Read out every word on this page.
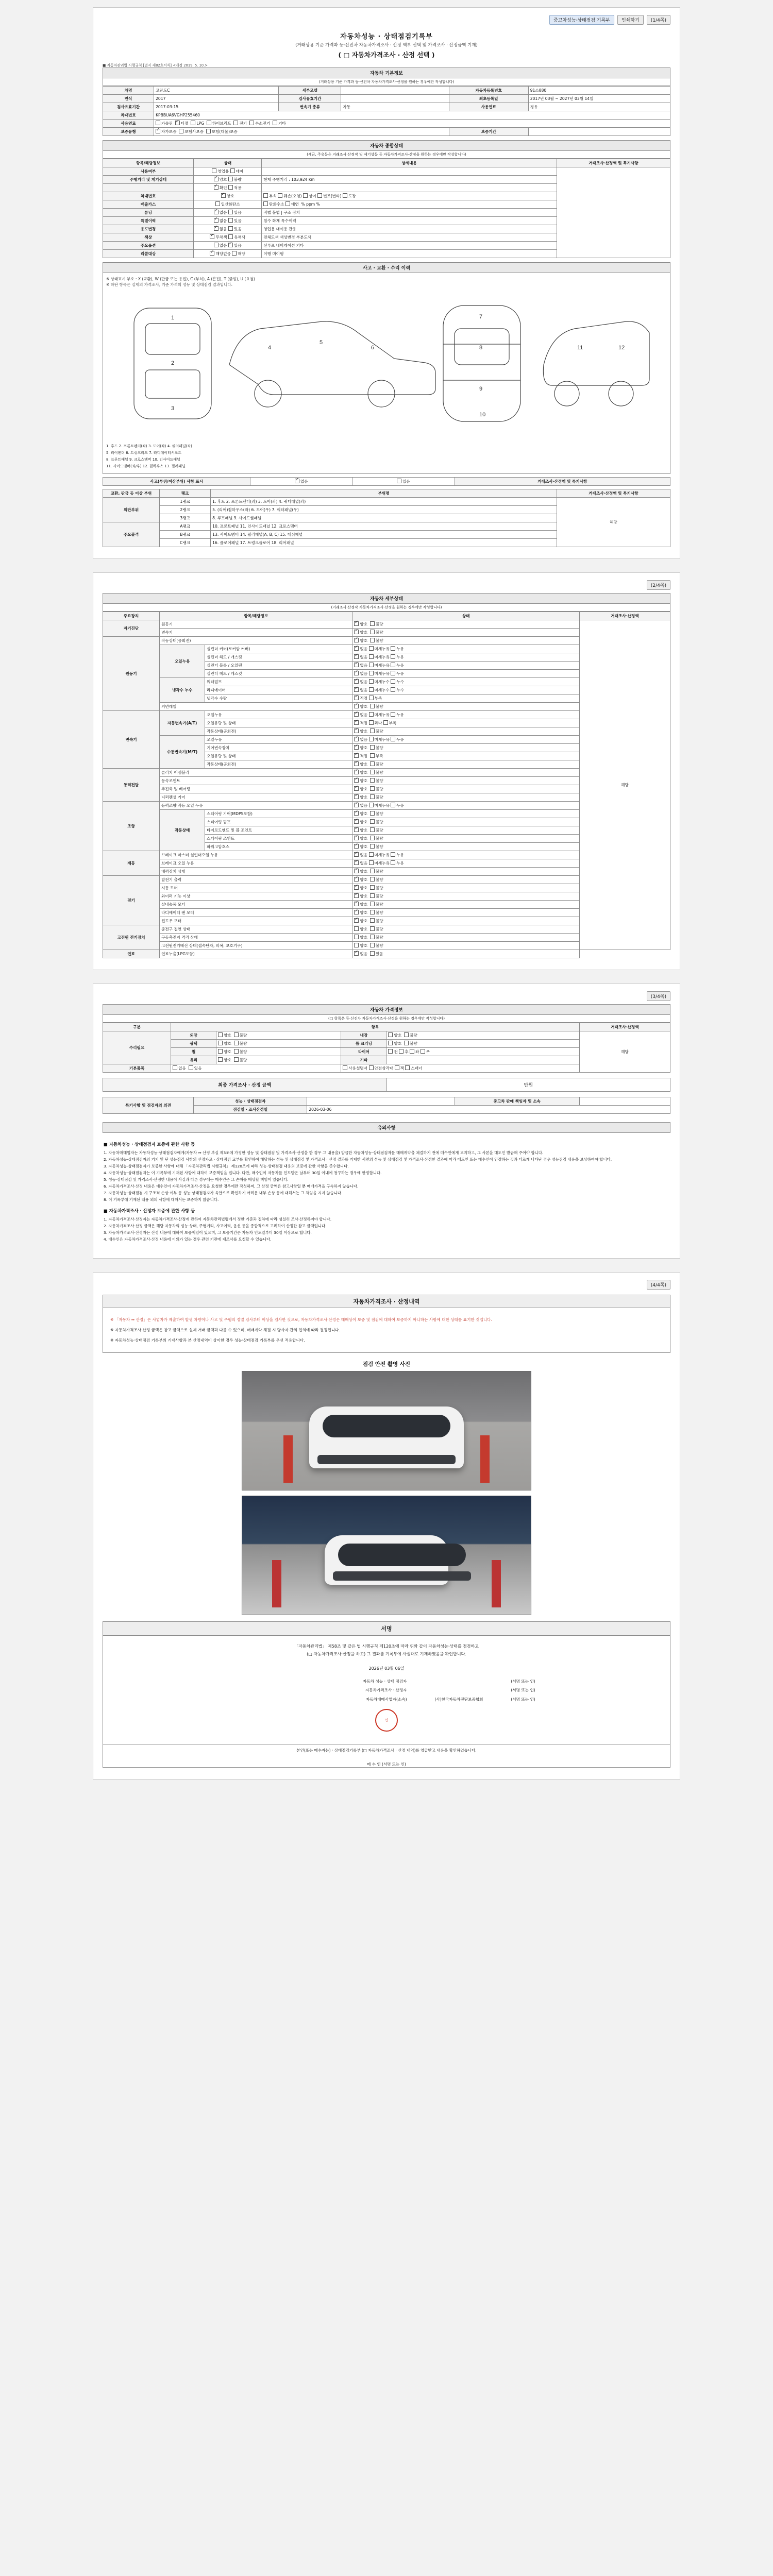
중고차성능·상태점검 기록부	인쇄하기	(1/4쪽)
자동차성능 · 상태점검기록부
(거래상용 기준 가격과 등·신진차 자동차가격조사 · 산정 액부 선택 및 가격조사 · 산정금액 기재)
( □ 자동차가격조사 · 산정 선택 )
■ 자동차관리법 시행규칙 [별지 제82호서식] <개정 2019. 5. 10.>
자동차 기본정보
(거래상용 기준 가격과 등·신진차 자동차가격조사·산정을 원하는 경우에만 작성합니다)
차명	코란도C	세부모델		자동차등록번호	91소880
연식	2017	검사유효기간		최초등록일	2017년 03월 ~ 2027년 03월 14일
검사유효기간	2017-03-15	변속기 종류	자동	사용연료	경유
차대번호	KPBBUA6VGHP255460				
사용연료	가솔린 ✓ 디젤 LPG 하이브리드 전기 수소전기 기타
보증유형	✓자가보증 보험사보증 보험(대물)보증			보증기간	
자동차 종합상태
(세금, 주유등은 거래조사·산정작 및 제기상등 등 자동차가격조사·산정을 원하는 경우에만 작성합니다)
항목/해당정보	상태	상세내용	거래조사·산정액 및 특기사항
사용여부	영업용 대여		
주행거리 및 계기상태	✓양호 불량	현재 주행거리 : 103,924 km	
	✓확인 적용	
차대번호	✓양호	부식 훼손(오염) 상이 변조(변타) 도장	
배출가스	일산화탄소	탄화수소 매연 % ppm %	
튜닝	✓없음 있음	적법 불법 | 구조 장치	
특별이력	✓없음 있음	침수 화재 특수이력	
용도변경	✓없음 있음	영업용 대여용 관용	
색상	✓무채색 유채색	전체도색 색상변경 부분도색	
주요옵션	없음 ✓ 있음	선루프 내비게이션 기타	
리콜대상	✓해당없음 해당	이행 미이행	
사고 · 교환 · 수리 이력
※ 상태표시 부호 : X (교환), W (판금 또는 용접), C (부식), A (흠집), T (긁힘), U (요철)
※ 하단 항목은 실제의 가격조사, 기준 가격의 성능 및 상태점검 결과입니다.
1
2
3
4
5
6
7
8
9
10
11	12
1. 후드 2. 프론트펜더(좌) 3. 도어(좌) 4. 쿼터패널(좌)
5. 리어펜더 6. 트렁크리드 7. 라디에이터서포트
8. 프론트패널 9. 크로스멤버 10. 인사이드패널
11. 사이드멤버(좌/우) 12. 휠하우스 13. 필러패널
사고(부위/이상부위) 사항 표시	✓없음	있음	거래조사·산정액 및 특기사항
교환, 판금 등 이상 부위	랭크	부위명	거래조사·산정액 및 특기사항
외판부위	1랭크	1. 후드 2. 프론트펜더(좌) 3. 도어(좌) 4. 쿼터패널(좌)	해당
	2랭크	5. (리어)휠하우스(좌) 6. 도어(우) 7. 쿼터패널(우)	
	3랭크	8. 루프패널 9. 사이드씰패널	
주요골격	A랭크	10. 프론트패널 11. 인사이드패널 12. 크로스멤버	
	B랭크	13. 사이드멤버 14. 필러패널(A, B, C) 15. 대쉬패널	
	C랭크	16. 플로어패널 17. 트렁크플로어 18. 리어패널	
(2/4쪽)
자동차 세부상태
(거래조사·산정작 자동차가격조사·산정을 원하는 경우에만 작성합니다)
주요장치	항목/해당정보		상태	거래조사·산정액
자기진단	원동기	✓양호 불량	해당
	변속기	✓양호 불량
원동기	작동상태(공회전)	✓양호 불량
	오일누유	실린더 커버(로커암 커버)	✓없음 미세누유 누유
		실린더 헤드 / 개스킷	✓없음 미세누유 누유
		실린더 블록 / 오일팬	✓없음 미세누유 누유
		실린더 헤드 / 개스킷	✓없음 미세누유 누유
	냉각수 누수	워터펌프	✓없음 미세누수 누수
		라디에이터	✓없음 미세누수 누수
		냉각수 수량	✓적정 부족
	커먼레일	✓양호 불량
변속기	자동변속기(A/T)	오일누유	✓없음 미세누유 누유
		오일유량 및 상태	✓적정 과다 부족
		작동상태(공회전)	✓양호 불량
	수동변속기(M/T)	오일누유	✓없음 미세누유 누유
		기어변속장치	✓양호 불량
		오일유량 및 상태	✓적정 부족
		작동상태(공회전)	✓양호 불량
동력전달	클러치 어셈블리	✓양호 불량
	등속조인트	✓양호 불량
	추진축 및 베어링	✓양호 불량
	디퍼렌셜 기어	✓양호 불량
조향	동력조향 작동 오일 누유	✓없음 미세누유 누유
	작동상태	스티어링 기어(MDPS포함)	✓양호 불량
		스티어링 펌프	✓양호 불량
		타이로드엔드 및 볼 조인트	✓양호 불량
		스티어링 조인트	✓양호 불량
		파워고압호스	✓양호 불량
제동	브레이크 마스터 실린더오일 누유	✓없음 미세누유 누유
	브레이크 오일 누유	✓없음 미세누유 누유
	배력장치 상태	✓양호 불량
전기	발전기 출력	✓양호 불량
	시동 모터	✓양호 불량
	와이퍼 기능 이상	✓양호 불량
	실내송풍 모터	✓양호 불량
	라디에이터 팬 모터	✓양호 불량
	윈도우 모터	✓양호 불량
고전원 전기장치	충전구 절연 상태		양호 불량	
	구동축전지 격리 상태		양호 불량	
	고전원전기배선 상태(접속단자, 피복, 보호기구)		양호 불량	
연료	연료누출(LPG포함)	✓없음 있음
(3/4쪽)
자동차 가격정보
(□ 항목은 등·신진차 자동차가격조사·산정을 원하는 경우에만 작성합니다)
구분	항목				거래조사·산정액
수리필요	외장	양호 불량	내장	양호 불량	해당
	광택	양호 불량	룸 크리닝	양호 불량	
	휠	양호 불량	타이어	전 후 좌 우	
	유리	양호 불량	기타		
기본품목	없음 있음		사용설명서 안전삼각대 잭 스패너		
최종 가격조사 · 산정 금액	만원
특기사항 및 점검자의 의견	성능 · 상태점검자		중고차 판매 책임자 및 소속	
	점검일 · 조사산정일	2026-03-06		
유의사항
■ 자동차성능 · 상태점검자 보증에 관한 사항 등

1. 자동차매매업자는 자동차성능·상태점검자에게(자동차 ↔ 산정 부실 제3조에 가정한 성능 및 상태점검 및 가격조사·산정을 한 경우 그 내용을) 발급한 자동차성능·상태점검자를 매매계약을 체결하기 전에 매수인에게 고지하고, 그 사본을 매도인 발급해 주어야 합니다.

2. 자동차성능·상태점검자의 기기 및 단 성능점검 사항의 산정자로 · 상태점검 교부를 확인하여 해당하는 성능 및 상태점검 및 가격조사 · 산정 결과를 기재한 서면의 성능 및 상태점검 및 가격조사·산정한 결과에 따라 매도인 또는 매수인이 인정하는 것과 다르게 나타난 경우 성능점검 내용을 보상하여야 합니다.

3. 자동차성능·상태점검자가 보증한 사항에 대해 「자동차관리법 시행규칙」 제120조에 따라 성능·상태점검 내용의 보증에 관한 사항을 준수합니다.

4. 자동차성능·상태점검자는 이 기록부에 기재된 사항에 대하여 보증책임을 집니다. 다만, 매수인이 자동차를 인도받은 날부터 30일 이내에 청구하는 경우에 한정합니다.

5. 성능·상태점검 및 가격조사·산정한 내용이 사실과 다른 경우에는 매수인은 그 손해를 배상할 책임이 있습니다.

6. 자동차가격조사·산정 내용은 매수인이 자동차가격조사·산정을 요청한 경우에만 작성하며, 그 산정 금액은 참고사항일 뿐 매매가격을 구속하지 않습니다.

7. 자동차성능·상태점검 시 구조적 손상 여부 등 성능·상태점검자가 육안으로 확인하기 어려운 내부 손상 등에 대해서는 그 책임을 지지 않습니다.

8. 이 기록부에 기재된 내용 외의 사항에 대해서는 보증하지 않습니다.

■ 자동차가격조사 · 산정자 보증에 관한 사항 등

1. 자동차가격조사·산정자는 자동차가격조사·산정에 관하여 자동차관리법령에서 정한 기준과 절차에 따라 성실히 조사·산정하여야 합니다.

2. 자동차가격조사·산정 금액은 해당 자동차의 성능·상태, 주행거리, 사고이력, 옵션 등을 종합적으로 고려하여 산정한 참고 금액입니다.

3. 자동차가격조사·산정자는 산정 내용에 대하여 보증책임이 있으며, 그 보증기간은 자동차 인도일부터 30일 이상으로 합니다.

4. 매수인은 자동차가격조사·산정 내용에 이의가 있는 경우 관련 기관에 재조사를 요청할 수 있습니다.

(4/4쪽)
자동차가격조사 · 산정내역

※ 「자동차 ↔ 산정」은 사업자가 제출하여 발생 차량이나 사고 및 주행의 정밀 검사부터 이상을 검사한 것으로, 자동차가격조사·산정은 매매상이 보증 및 점검에 대하여 보증하지 아니하는 사항에 대한 상태를 표기한 것입니다.

※ 자동차가격조사·산정 금액은 참고 금액으로 실제 거래 금액과 다를 수 있으며, 매매계약 체결 시 당사자 간의 협의에 따라 결정됩니다.

※ 자동차성능·상태점검 기록부의 기재사항과 본 산정내역이 상이한 경우 성능·상태점검 기록부를 우선 적용합니다.

점검 안전 촬영 사진
서명
「자동차관리법」 제58조 및 같은 법 시행규칙 제120조에 따라 위와 같이 자동차성능·상태를 점검하고
(□ 자동차가격조사·산정을 하고) 그 결과를 기록부에 사실대로 기재하였음을 확인합니다.
2026년 03월 06일
자동차 성능 · 상태 점검자		(서명 또는 인)
자동차가격조사 · 산정자		(서명 또는 인)
자동차매매사업자(소속)	(사)한국자동차진단보증협회	(서명 또는 인)
인
본인(또는 매수자는) · 상태점검기록부 (□ 자동차가격조사 · 산정 내역)를 영급받고 내용을 확인하였습니다.
매 수 인 (서명 또는 인)
